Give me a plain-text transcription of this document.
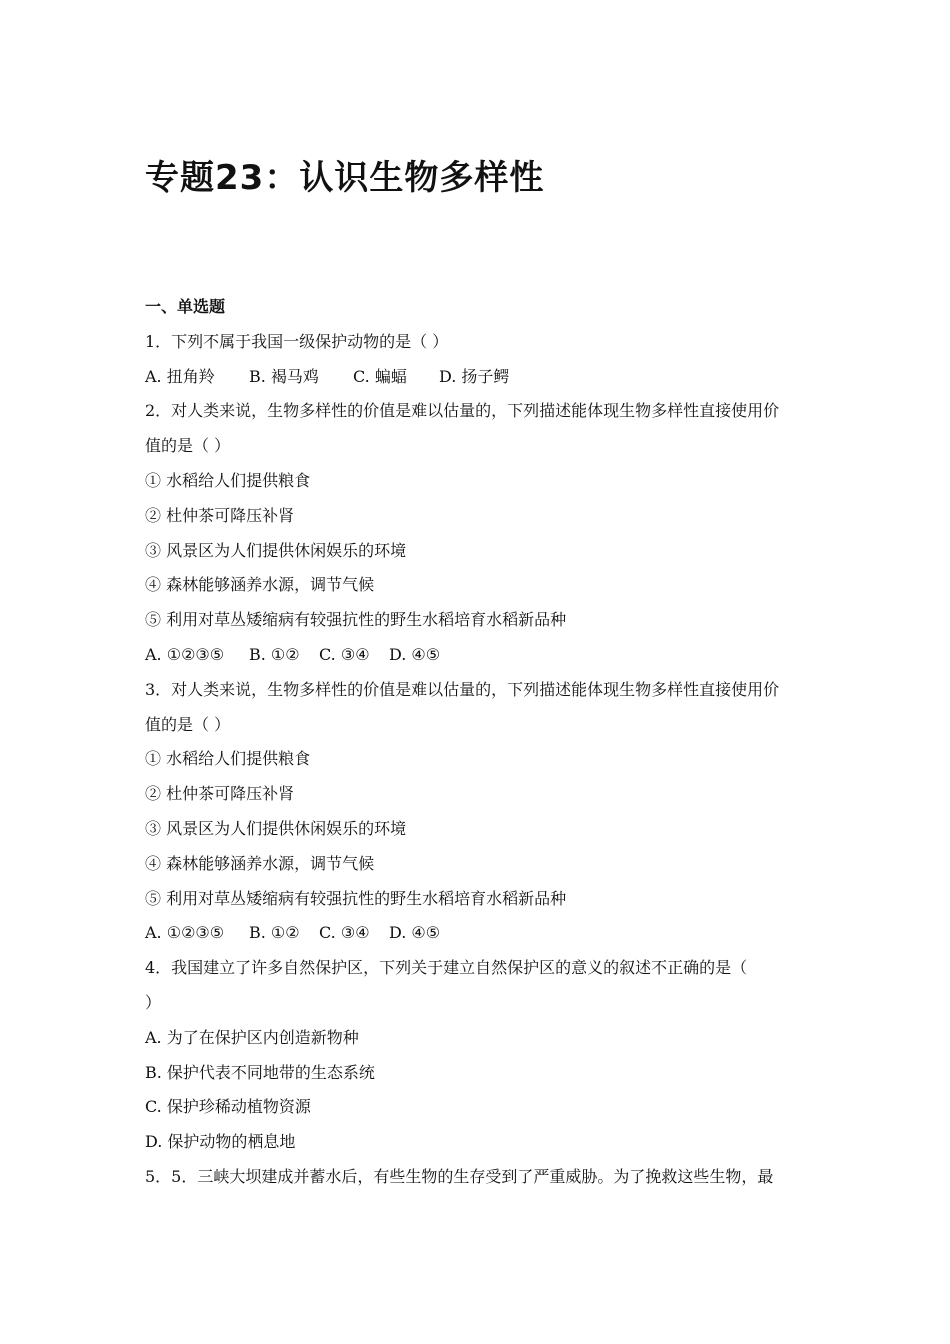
专题23：认识生物多样性
一、单选题
1．下列不属于我国一级保护动物的是（ ）
A. 扭角羚 B. 褐马鸡 C. 蝙蝠 D. 扬子鳄
2．对人类来说，生物多样性的价值是难以估量的，下列描述能体现生物多样性直接使用价
值的是（ ）
① 水稻给人们提供粮食
② 杜仲茶可降压补肾
③ 风景区为人们提供休闲娱乐的环境
④ 森林能够涵养水源，调节气候
⑤ 利用对草丛矮缩病有较强抗性的野生水稻培育水稻新品种
A. ①②③⑤ B. ①② C. ③④ D. ④⑤
3．对人类来说，生物多样性的价值是难以估量的，下列描述能体现生物多样性直接使用价
值的是（ ）
① 水稻给人们提供粮食
② 杜仲茶可降压补肾
③ 风景区为人们提供休闲娱乐的环境
④ 森林能够涵养水源，调节气候
⑤ 利用对草丛矮缩病有较强抗性的野生水稻培育水稻新品种
A. ①②③⑤ B. ①② C. ③④ D. ④⑤
4．我国建立了许多自然保护区，下列关于建立自然保护区的意义的叙述不正确的是（
）
A. 为了在保护区内创造新物种
B. 保护代表不同地带的生态系统
C. 保护珍稀动植物资源
D. 保护动物的栖息地
5．5．三峡大坝建成并蓄水后，有些生物的生存受到了严重威胁。为了挽救这些生物，最
